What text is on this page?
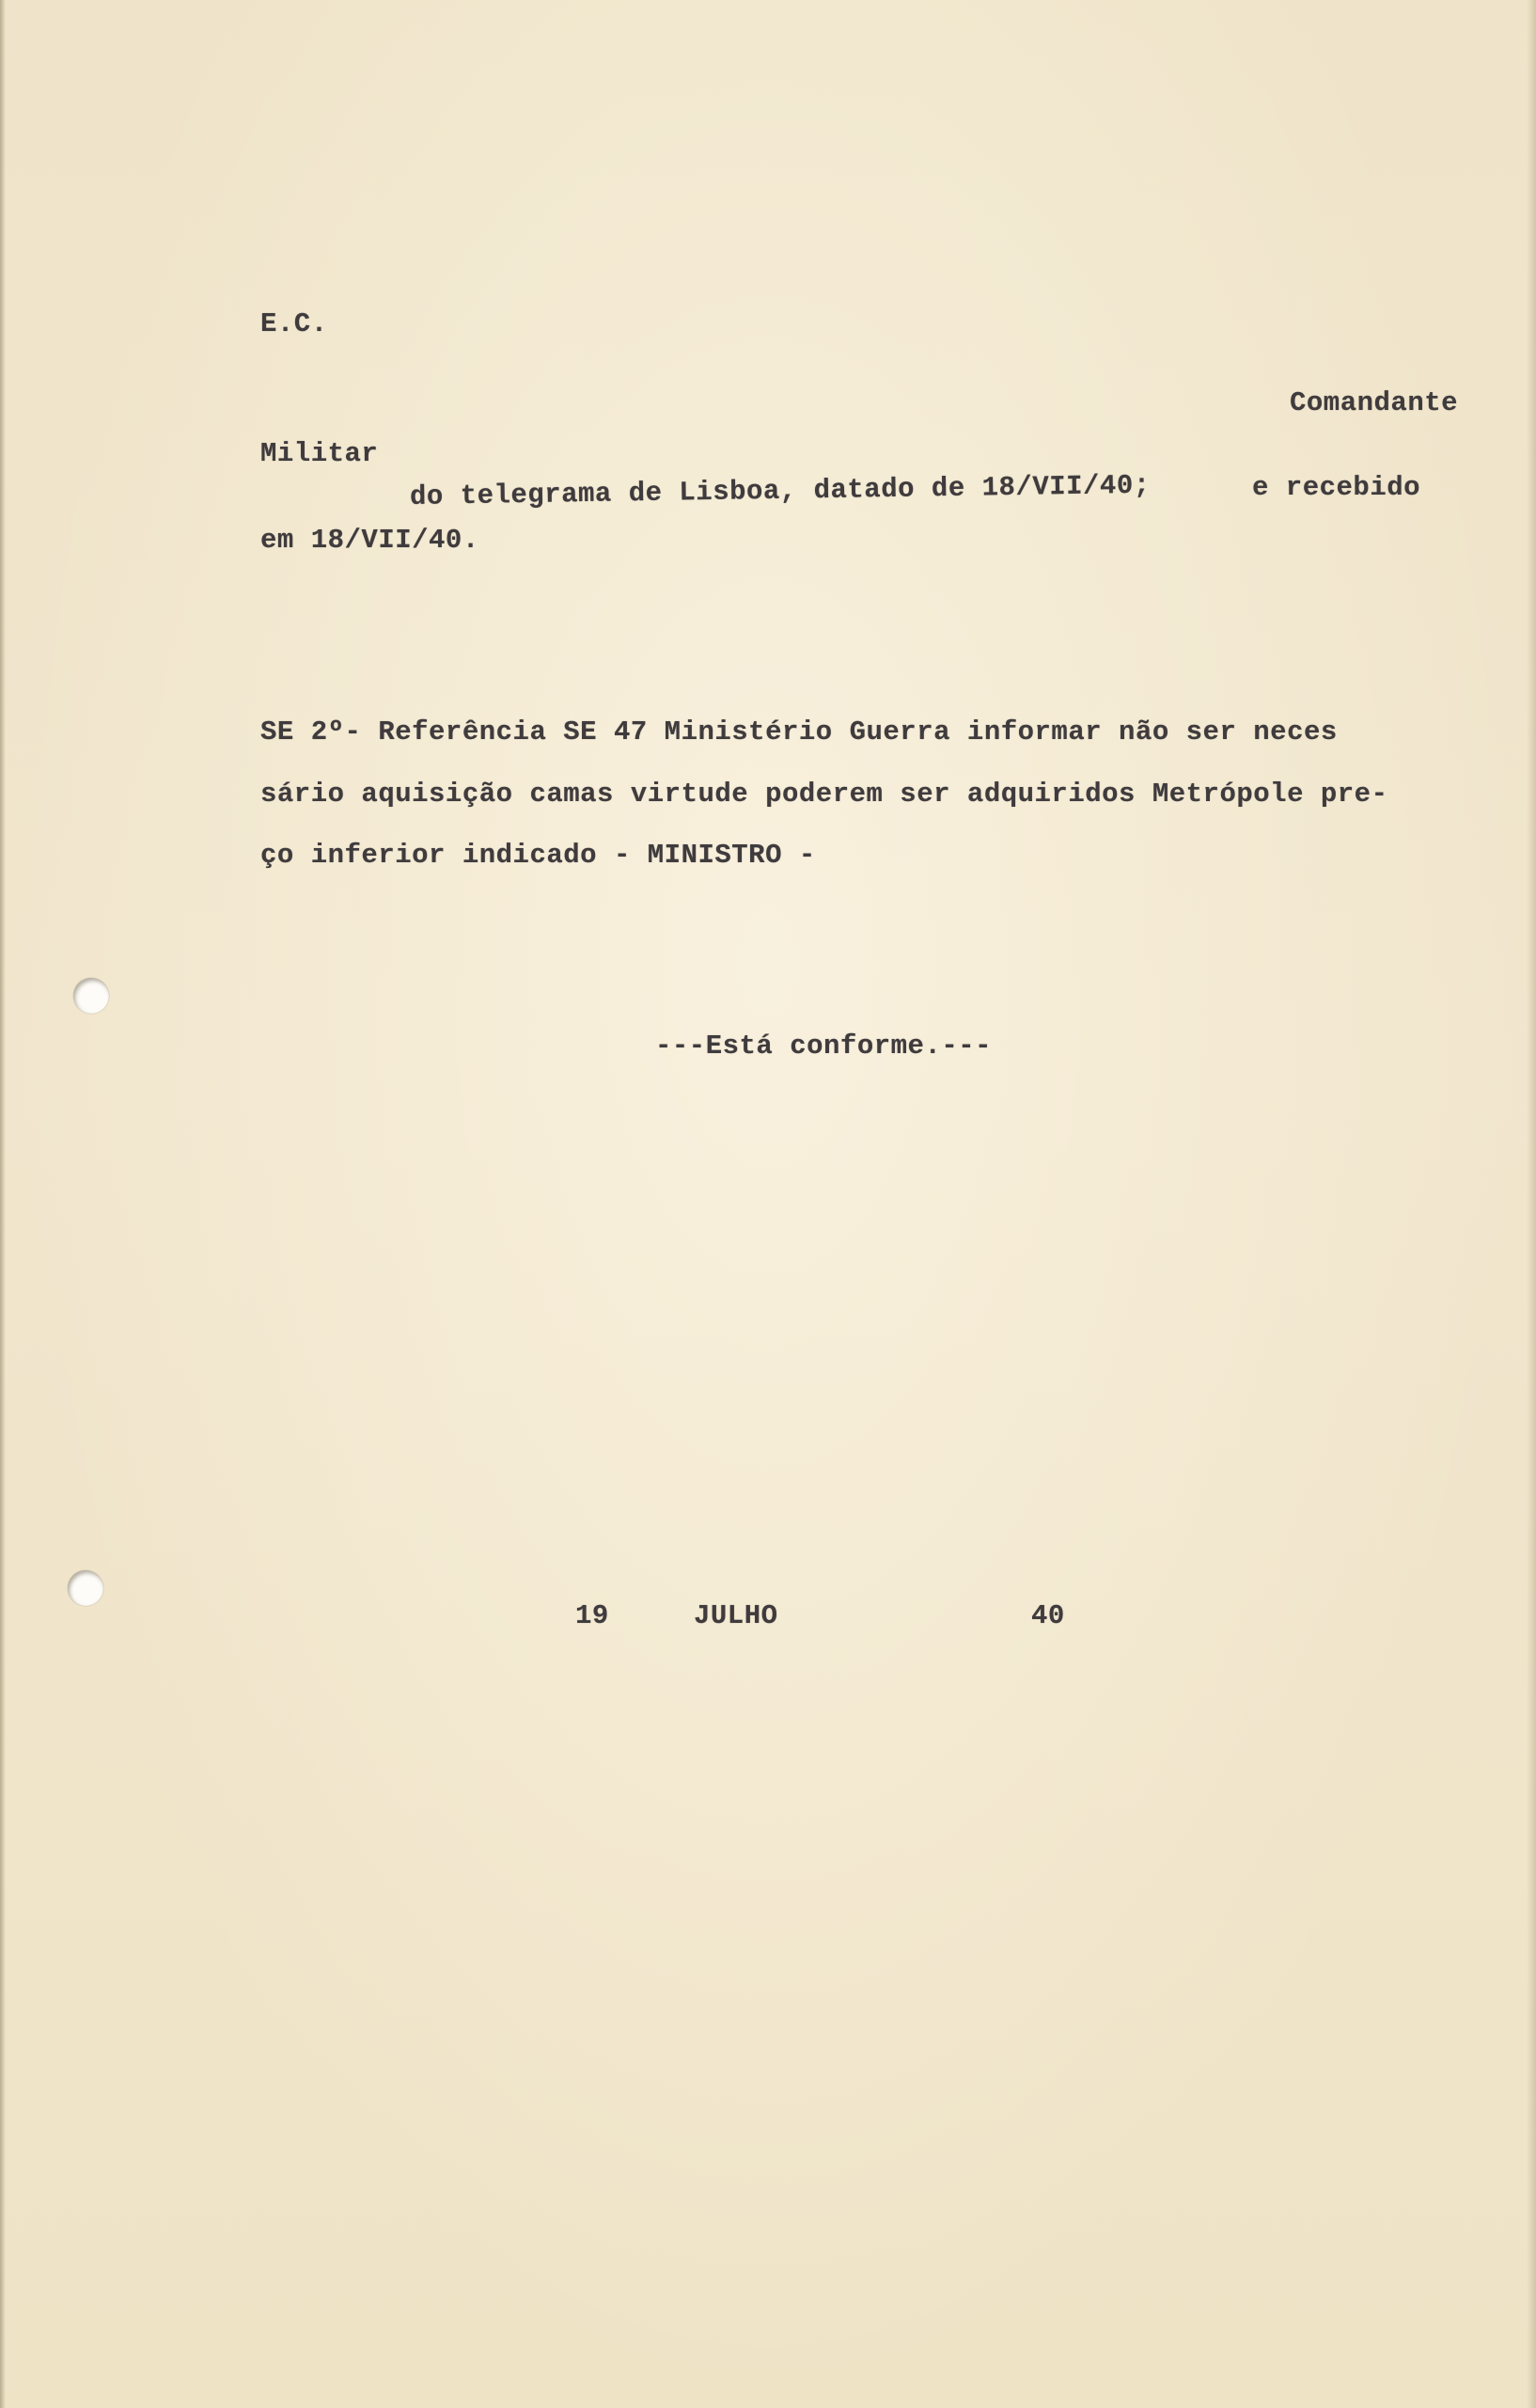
E.C.
Comandante
Militar
do telegrama de Lisboa, datado de 18/VII/40;	e recebido
em 18/VII/40.
SE 2º- Referência SE 47 Ministério Guerra informar não ser neces
sário aquisição camas virtude poderem ser adquiridos Metrópole pre-
ço inferior indicado - MINISTRO -
---Está conforme.---
19	JULHO	40
